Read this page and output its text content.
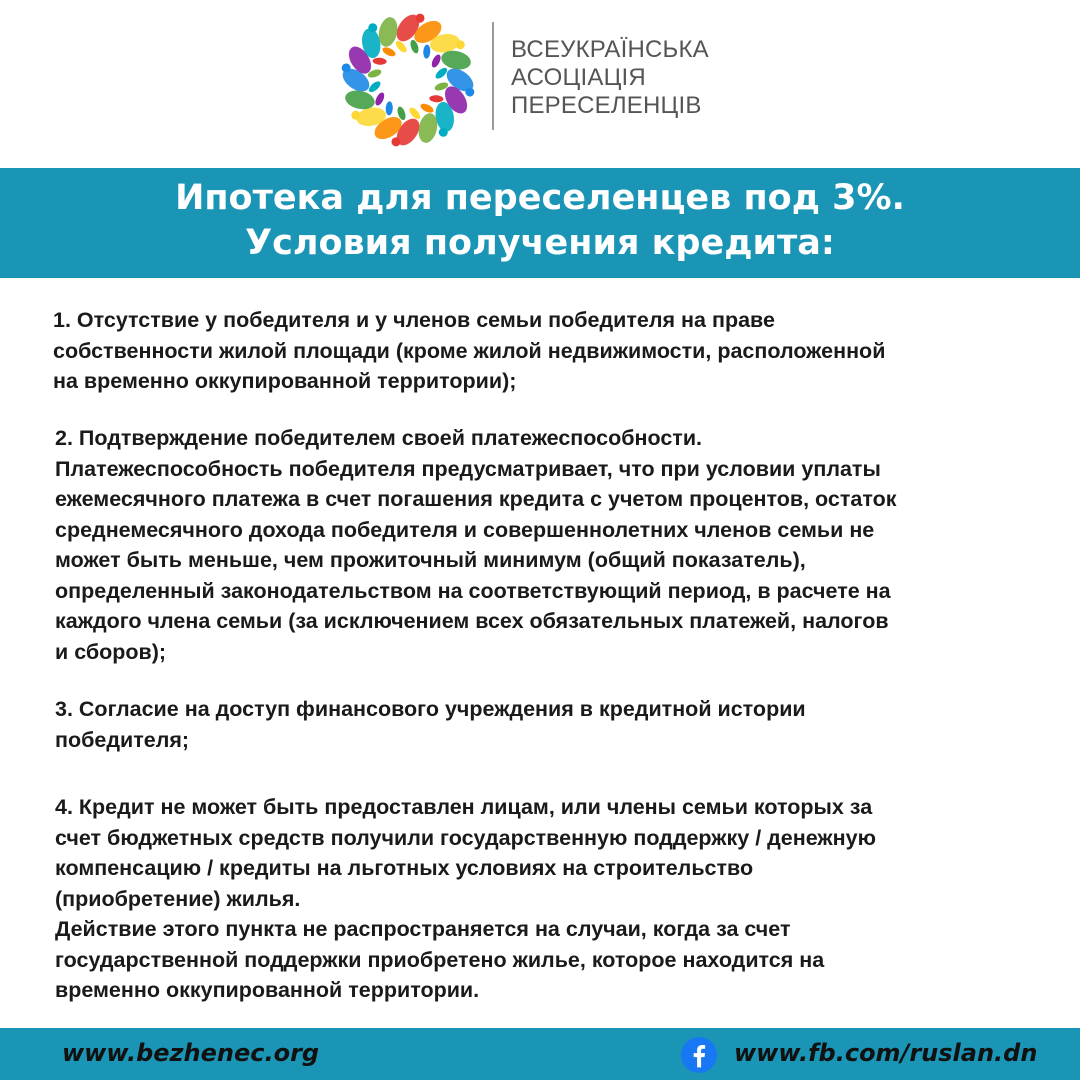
ВСЕУКРАЇНСЬКА
АСОЦІАЦІЯ
ПЕРЕСЕЛЕНЦІВ
Ипотека для переселенцев под 3%.
Условия получения кредита:
1. Отсутствие у победителя и у членов семьи победителя на праве
собственности жилой площади (кроме жилой недвижимости, расположенной
на временно оккупированной территории);
2. Подтверждение победителем своей платежеспособности.
Платежеспособность победителя предусматривает, что при условии уплаты
ежемесячного платежа в счет погашения кредита с учетом процентов, остаток
среднемесячного дохода победителя и совершеннолетних членов семьи не
может быть меньше, чем прожиточный минимум (общий показатель),
определенный законодательством на соответствующий период, в расчете на
каждого члена семьи (за исключением всех обязательных платежей, налогов
и сборов);
3. Согласие на доступ финансового учреждения в кредитной истории
победителя;
4. Кредит не может быть предоставлен лицам, или члены семьи которых за
счет бюджетных средств получили государственную поддержку / денежную
компенсацию / кредиты на льготных условиях на строительство
(приобретение) жилья.
Действие этого пункта не распространяется на случаи, когда за счет
государственной поддержки приобретено жилье, которое находится на
временно оккупированной территории.
www.bezhenec.org	www.fb.com/ruslan.dn
